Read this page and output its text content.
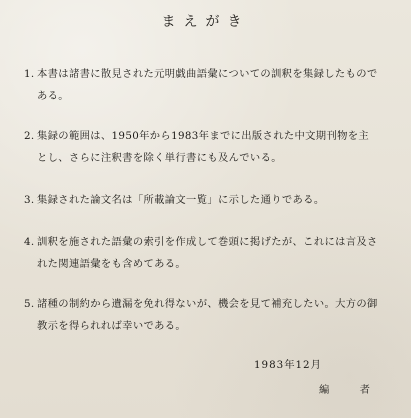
まえがき
1. 本書は諸書に散見された元明戯曲語彙についての訓釈を集録したもので
ある。
2. 集録の範囲は、1950年から1983年までに出版された中文期刊物を主
とし、さらに注釈書を除く単行書にも及んでいる。
3. 集録された論文名は「所載論文一覧」に示した通りである。
4. 訓釈を施された語彙の索引を作成して巻頭に掲げたが、これには言及さ
れた関連語彙をも含めてある。
5. 諸種の制約から遺漏を免れ得ないが、機会を見て補充したい。大方の御
教示を得られれば幸いである。
1983年12月
編　者
